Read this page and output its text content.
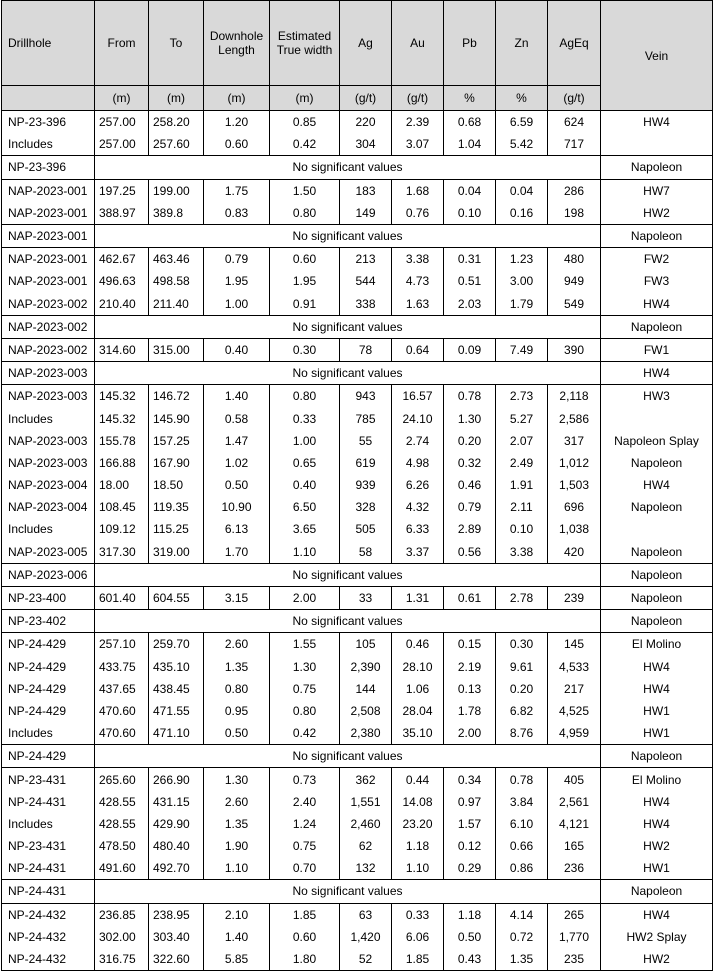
Drillhole	From	To	Downhole Length	Estimated True width	Ag	Au	Pb	Zn	AgEq	Vein
	(m)	(m)	(m)	(m)	(g/t)	(g/t)	%	%	(g/t)	
NP-23-396	257.00	258.20	1.20	0.85	220	2.39	0.68	6.59	624	HW4
Includes	257.00	257.60	0.60	0.42	304	3.07	1.04	5.42	717	
NP-23-396	No significant values									Napoleon
NAP-2023-001	197.25	199.00	1.75	1.50	183	1.68	0.04	0.04	286	HW7
NAP-2023-001	388.97	389.8	0.83	0.80	149	0.76	0.10	0.16	198	HW2
NAP-2023-001	No significant values									Napoleon
NAP-2023-001	462.67	463.46	0.79	0.60	213	3.38	0.31	1.23	480	FW2
NAP-2023-001	496.63	498.58	1.95	1.95	544	4.73	0.51	3.00	949	FW3
NAP-2023-002	210.40	211.40	1.00	0.91	338	1.63	2.03	1.79	549	HW4
NAP-2023-002	No significant values									Napoleon
NAP-2023-002	314.60	315.00	0.40	0.30	78	0.64	0.09	7.49	390	FW1
NAP-2023-003	No significant values									HW4
NAP-2023-003	145.32	146.72	1.40	0.80	943	16.57	0.78	2.73	2,118	HW3
Includes	145.32	145.90	0.58	0.33	785	24.10	1.30	5.27	2,586	
NAP-2023-003	155.78	157.25	1.47	1.00	55	2.74	0.20	2.07	317	Napoleon Splay
NAP-2023-003	166.88	167.90	1.02	0.65	619	4.98	0.32	2.49	1,012	Napoleon
NAP-2023-004	18.00	18.50	0.50	0.40	939	6.26	0.46	1.91	1,503	HW4
NAP-2023-004	108.45	119.35	10.90	6.50	328	4.32	0.79	2.11	696	Napoleon
Includes	109.12	115.25	6.13	3.65	505	6.33	2.89	0.10	1,038	
NAP-2023-005	317.30	319.00	1.70	1.10	58	3.37	0.56	3.38	420	Napoleon
NAP-2023-006	No significant values									Napoleon
NP-23-400	601.40	604.55	3.15	2.00	33	1.31	0.61	2.78	239	Napoleon
NP-23-402	No significant values									Napoleon
NP-24-429	257.10	259.70	2.60	1.55	105	0.46	0.15	0.30	145	El Molino
NP-24-429	433.75	435.10	1.35	1.30	2,390	28.10	2.19	9.61	4,533	HW4
NP-24-429	437.65	438.45	0.80	0.75	144	1.06	0.13	0.20	217	HW4
NP-24-429	470.60	471.55	0.95	0.80	2,508	28.04	1.78	6.82	4,525	HW1
Includes	470.60	471.10	0.50	0.42	2,380	35.10	2.00	8.76	4,959	HW1
NP-24-429	No significant values									Napoleon
NP-23-431	265.60	266.90	1.30	0.73	362	0.44	0.34	0.78	405	El Molino
NP-24-431	428.55	431.15	2.60	2.40	1,551	14.08	0.97	3.84	2,561	HW4
Includes	428.55	429.90	1.35	1.24	2,460	23.20	1.57	6.10	4,121	HW4
NP-23-431	478.50	480.40	1.90	0.75	62	1.18	0.12	0.66	165	HW2
NP-24-431	491.60	492.70	1.10	0.70	132	1.10	0.29	0.86	236	HW1
NP-24-431	No significant values									Napoleon
NP-24-432	236.85	238.95	2.10	1.85	63	0.33	1.18	4.14	265	HW4
NP-24-432	302.00	303.40	1.40	0.60	1,420	6.06	0.50	0.72	1,770	HW2 Splay
NP-24-432	316.75	322.60	5.85	1.80	52	1.85	0.43	1.35	235	HW2
